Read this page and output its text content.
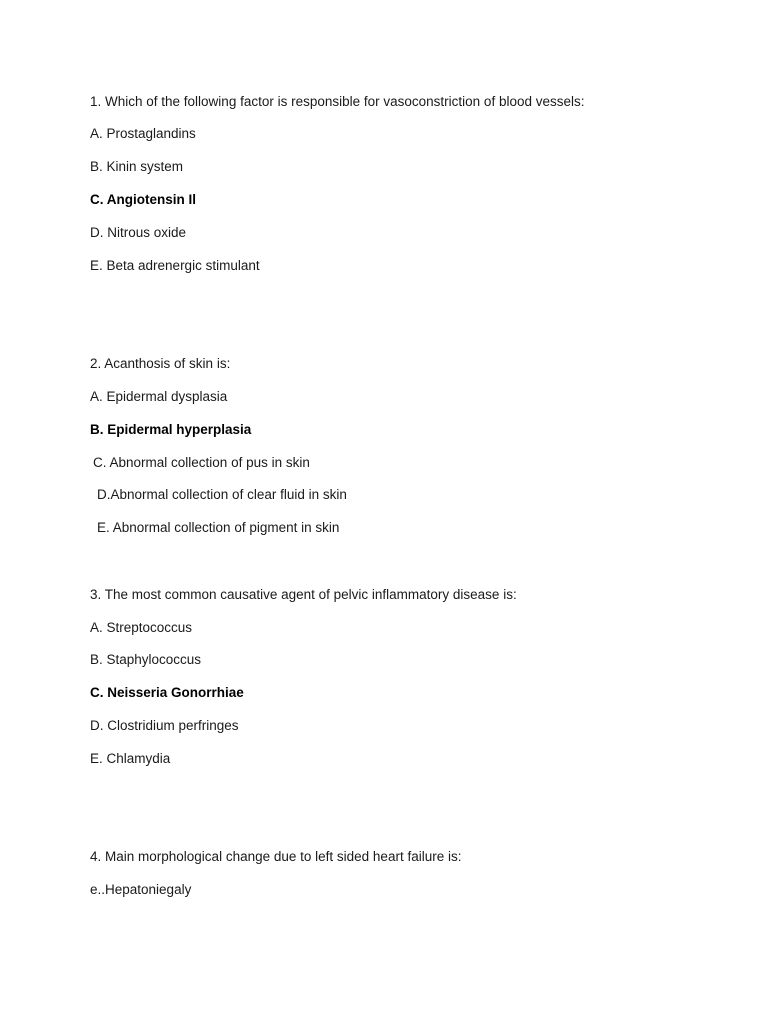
1. Which of the following factor is responsible for vasoconstriction of blood vessels:
A. Prostaglandins
B. Kinin system
C. Angiotensin Il
D. Nitrous oxide
E. Beta adrenergic stimulant
2. Acanthosis of skin is:
A. Epidermal dysplasia
B. Epidermal hyperplasia
C. Abnormal collection of pus in skin
D.Abnormal collection of clear fluid in skin
E. Abnormal collection of pigment in skin
3. The most common causative agent of pelvic inflammatory disease is:
A. Streptococcus
B. Staphylococcus
C. Neisseria Gonorrhiae
D. Clostridium perfringes
E. Chlamydia
4. Main morphological change due to left sided heart failure is:
e..Hepatoniegaly
